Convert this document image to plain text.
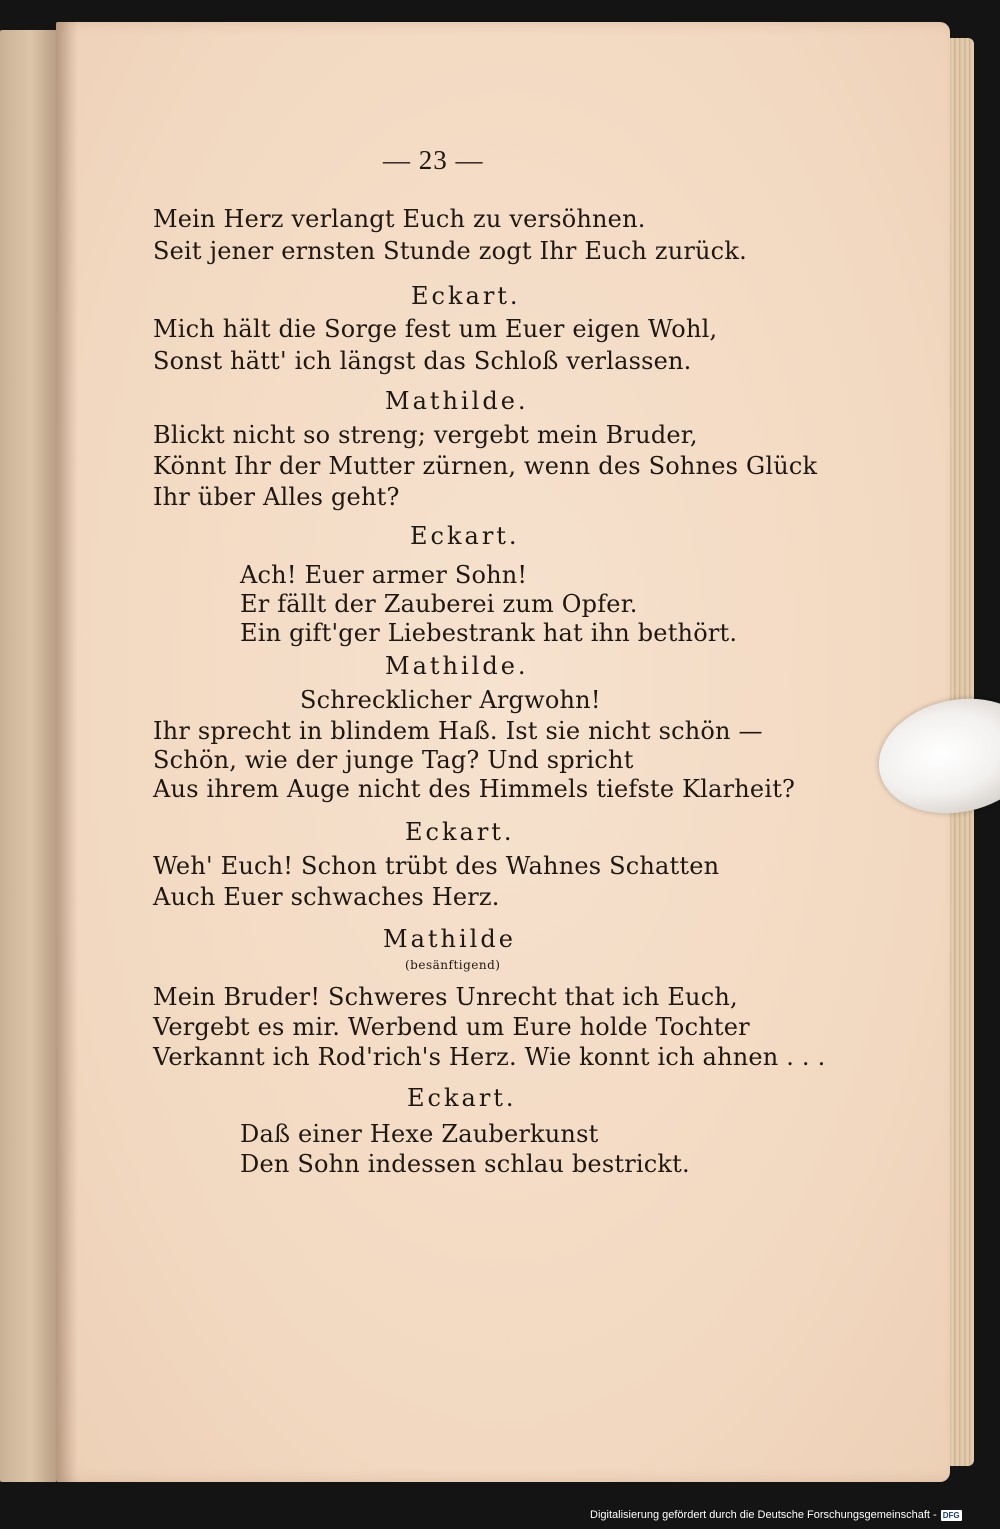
— 23 —
Mein Herz verlangt Euch zu versöhnen.
Seit jener ernsten Stunde zogt Ihr Euch zurück.
Eckart.
Mich hält die Sorge fest um Euer eigen Wohl,
Sonst hätt' ich längst das Schloß verlassen.
Mathilde.
Blickt nicht so streng; vergebt mein Bruder,
Könnt Ihr der Mutter zürnen, wenn des Sohnes Glück
Ihr über Alles geht?
Eckart.
Ach! Euer armer Sohn!
Er fällt der Zauberei zum Opfer.
Ein gift'ger Liebestrank hat ihn bethört.
Mathilde.
Schrecklicher Argwohn!
Ihr sprecht in blindem Haß. Ist sie nicht schön —
Schön, wie der junge Tag? Und spricht
Aus ihrem Auge nicht des Himmels tiefste Klarheit?
Eckart.
Weh' Euch! Schon trübt des Wahnes Schatten
Auch Euer schwaches Herz.
Mathilde
(besänftigend)
Mein Bruder! Schweres Unrecht that ich Euch,
Vergebt es mir. Werbend um Eure holde Tochter
Verkannt ich Rod'rich's Herz. Wie konnt ich ahnen . . .
Eckart.
Daß einer Hexe Zauberkunst
Den Sohn indessen schlau bestrickt.
Digitalisierung gefördert durch die Deutsche Forschungsgemeinschaft - DFG
